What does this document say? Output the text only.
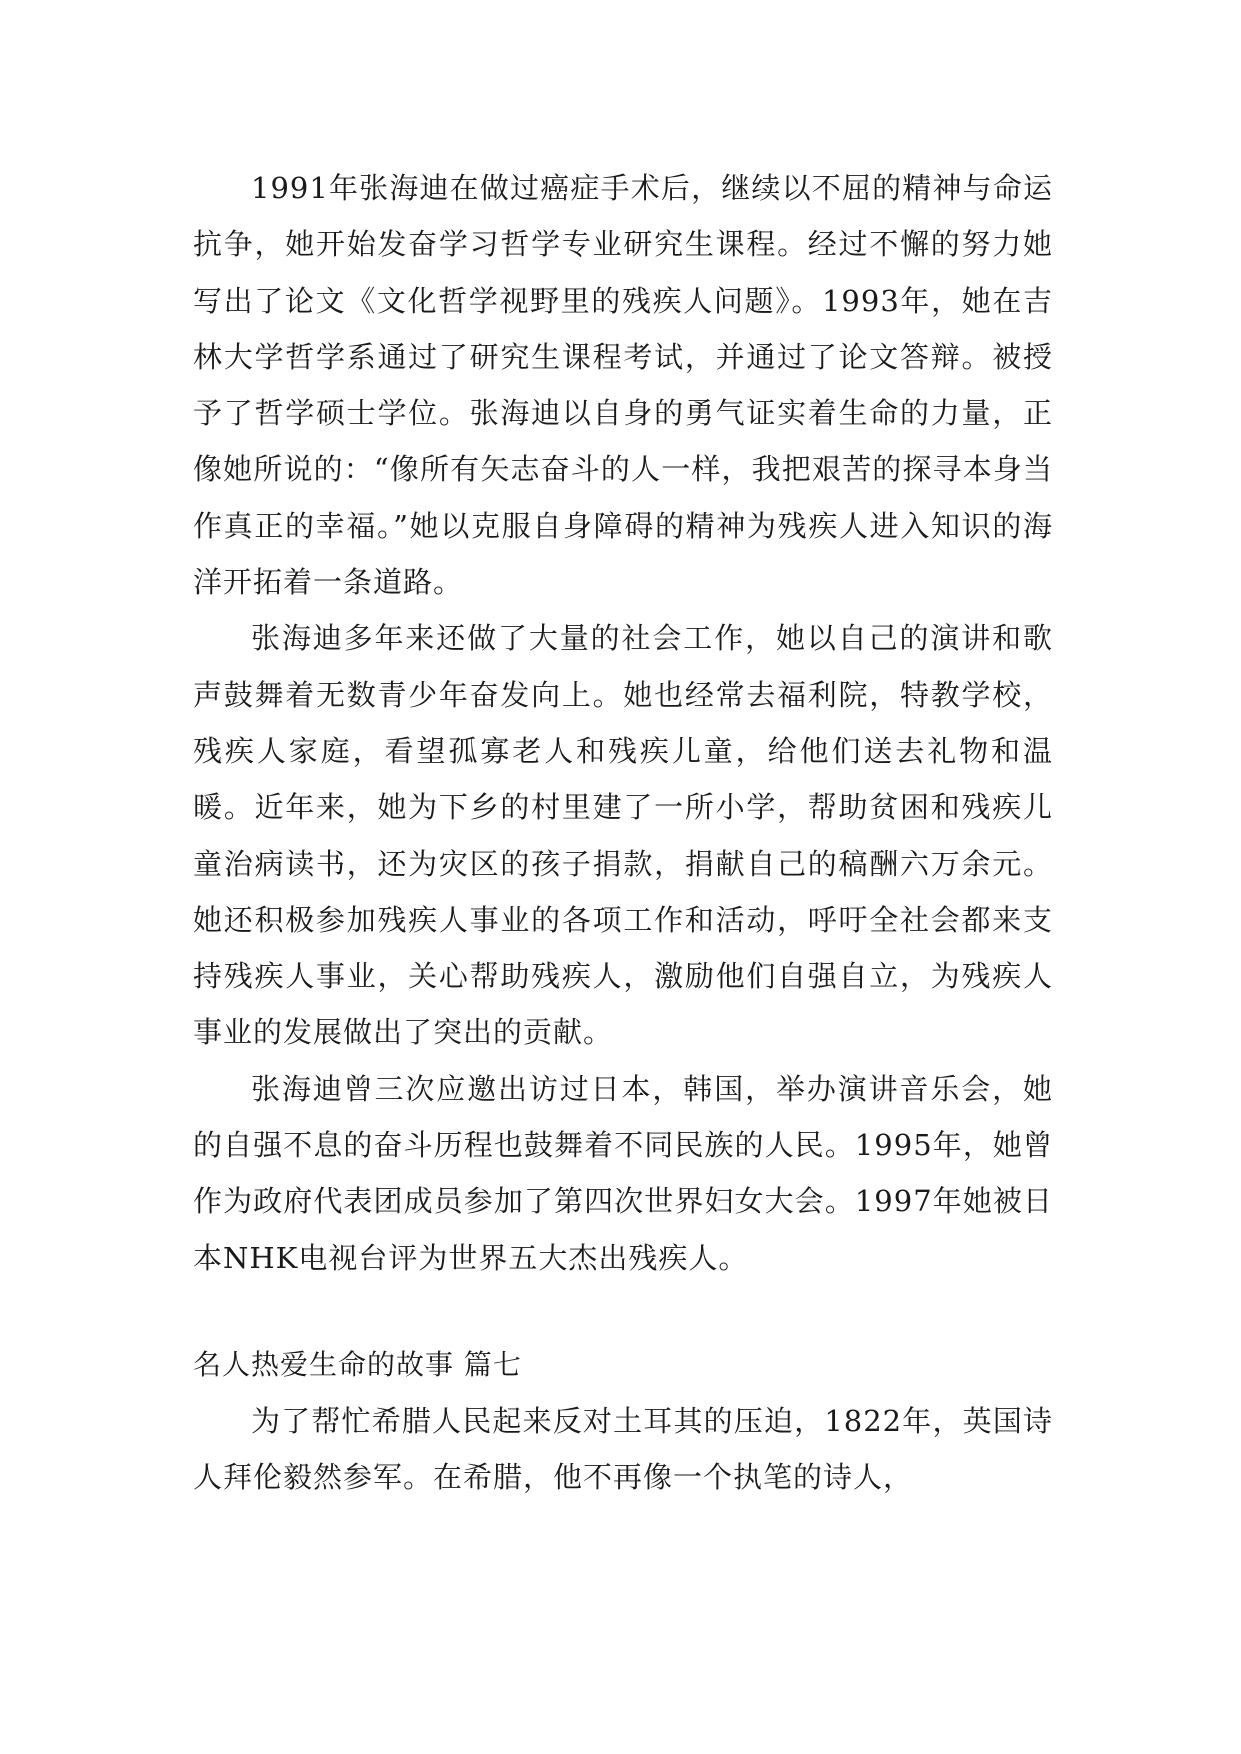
1991年张海迪在做过癌症手术后，继续以不屈的精神与命运抗争，她开始发奋学习哲学专业研究生课程。经过不懈的努力她写出了论文《文化哲学视野里的残疾人问题》。1993年，她在吉林大学哲学系通过了研究生课程考试，并通过了论文答辩。被授予了哲学硕士学位。张海迪以自身的勇气证实着生命的力量，正像她所说的：“像所有矢志奋斗的人一样，我把艰苦的探寻本身当作真正的幸福。”她以克服自身障碍的精神为残疾人进入知识的海洋开拓着一条道路。

张海迪多年来还做了大量的社会工作，她以自己的演讲和歌声鼓舞着无数青少年奋发向上。她也经常去福利院，特教学校，残疾人家庭，看望孤寡老人和残疾儿童，给他们送去礼物和温暖。近年来，她为下乡的村里建了一所小学，帮助贫困和残疾儿童治病读书，还为灾区的孩子捐款，捐献自己的稿酬六万余元。她还积极参加残疾人事业的各项工作和活动，呼吁全社会都来支持残疾人事业，关心帮助残疾人，激励他们自强自立，为残疾人事业的发展做出了突出的贡献。

张海迪曾三次应邀出访过日本，韩国，举办演讲音乐会，她的自强不息的奋斗历程也鼓舞着不同民族的人民。1995年，她曾作为政府代表团成员参加了第四次世界妇女大会。1997年她被日本NHK电视台评为世界五大杰出残疾人。

名人热爱生命的故事 篇七

为了帮忙希腊人民起来反对土耳其的压迫，1822年，英国诗人拜伦毅然参军。在希腊，他不再像一个执笔的诗人，
